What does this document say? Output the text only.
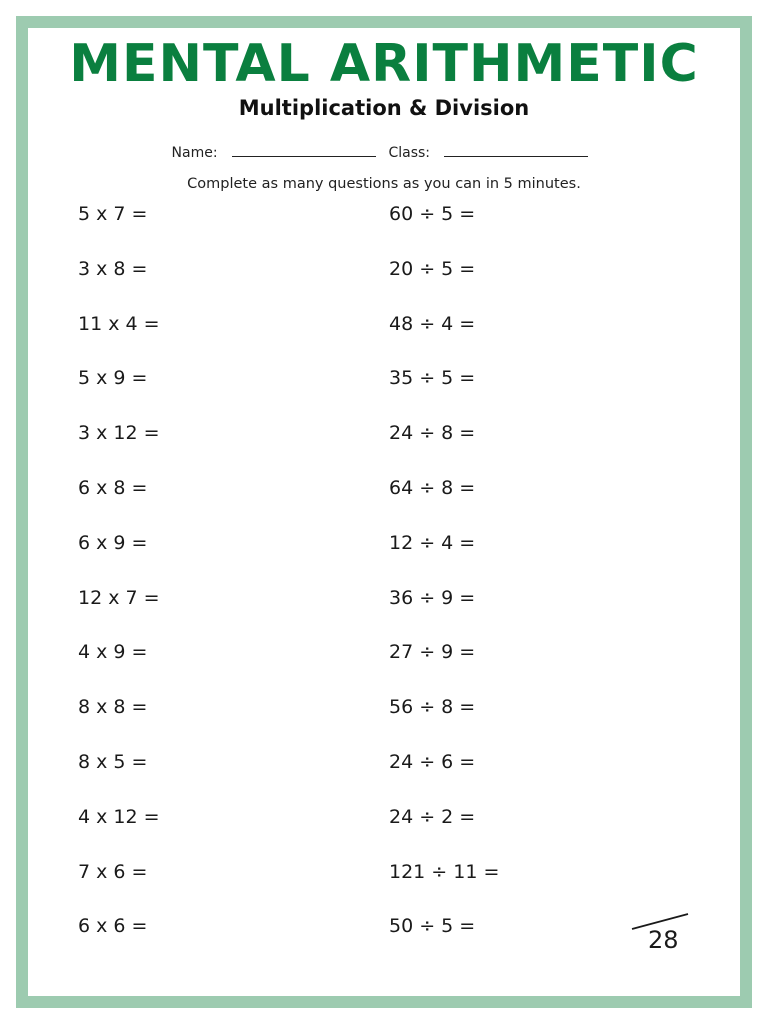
MENTAL ARITHMETIC
Multiplication & Division
Name:	Class:
Complete as many questions as you can in 5 minutes.
5 x 7 =
3 x 8 =
11 x 4 =
5 x 9 =
3 x 12 =
6 x 8 =
6 x 9 =
12 x 7 =
4 x 9 =
8 x 8 =
8 x 5 =
4 x 12 =
7 x 6 =
6 x 6 =
60 ÷ 5 =
20 ÷ 5 =
48 ÷ 4 =
35 ÷ 5 =
24 ÷ 8 =
64 ÷ 8 =
12 ÷ 4 =
36 ÷ 9 =
27 ÷ 9 =
56 ÷ 8 =
24 ÷ 6 =
24 ÷ 2 =
121 ÷ 11 =
50 ÷ 5 =	28
